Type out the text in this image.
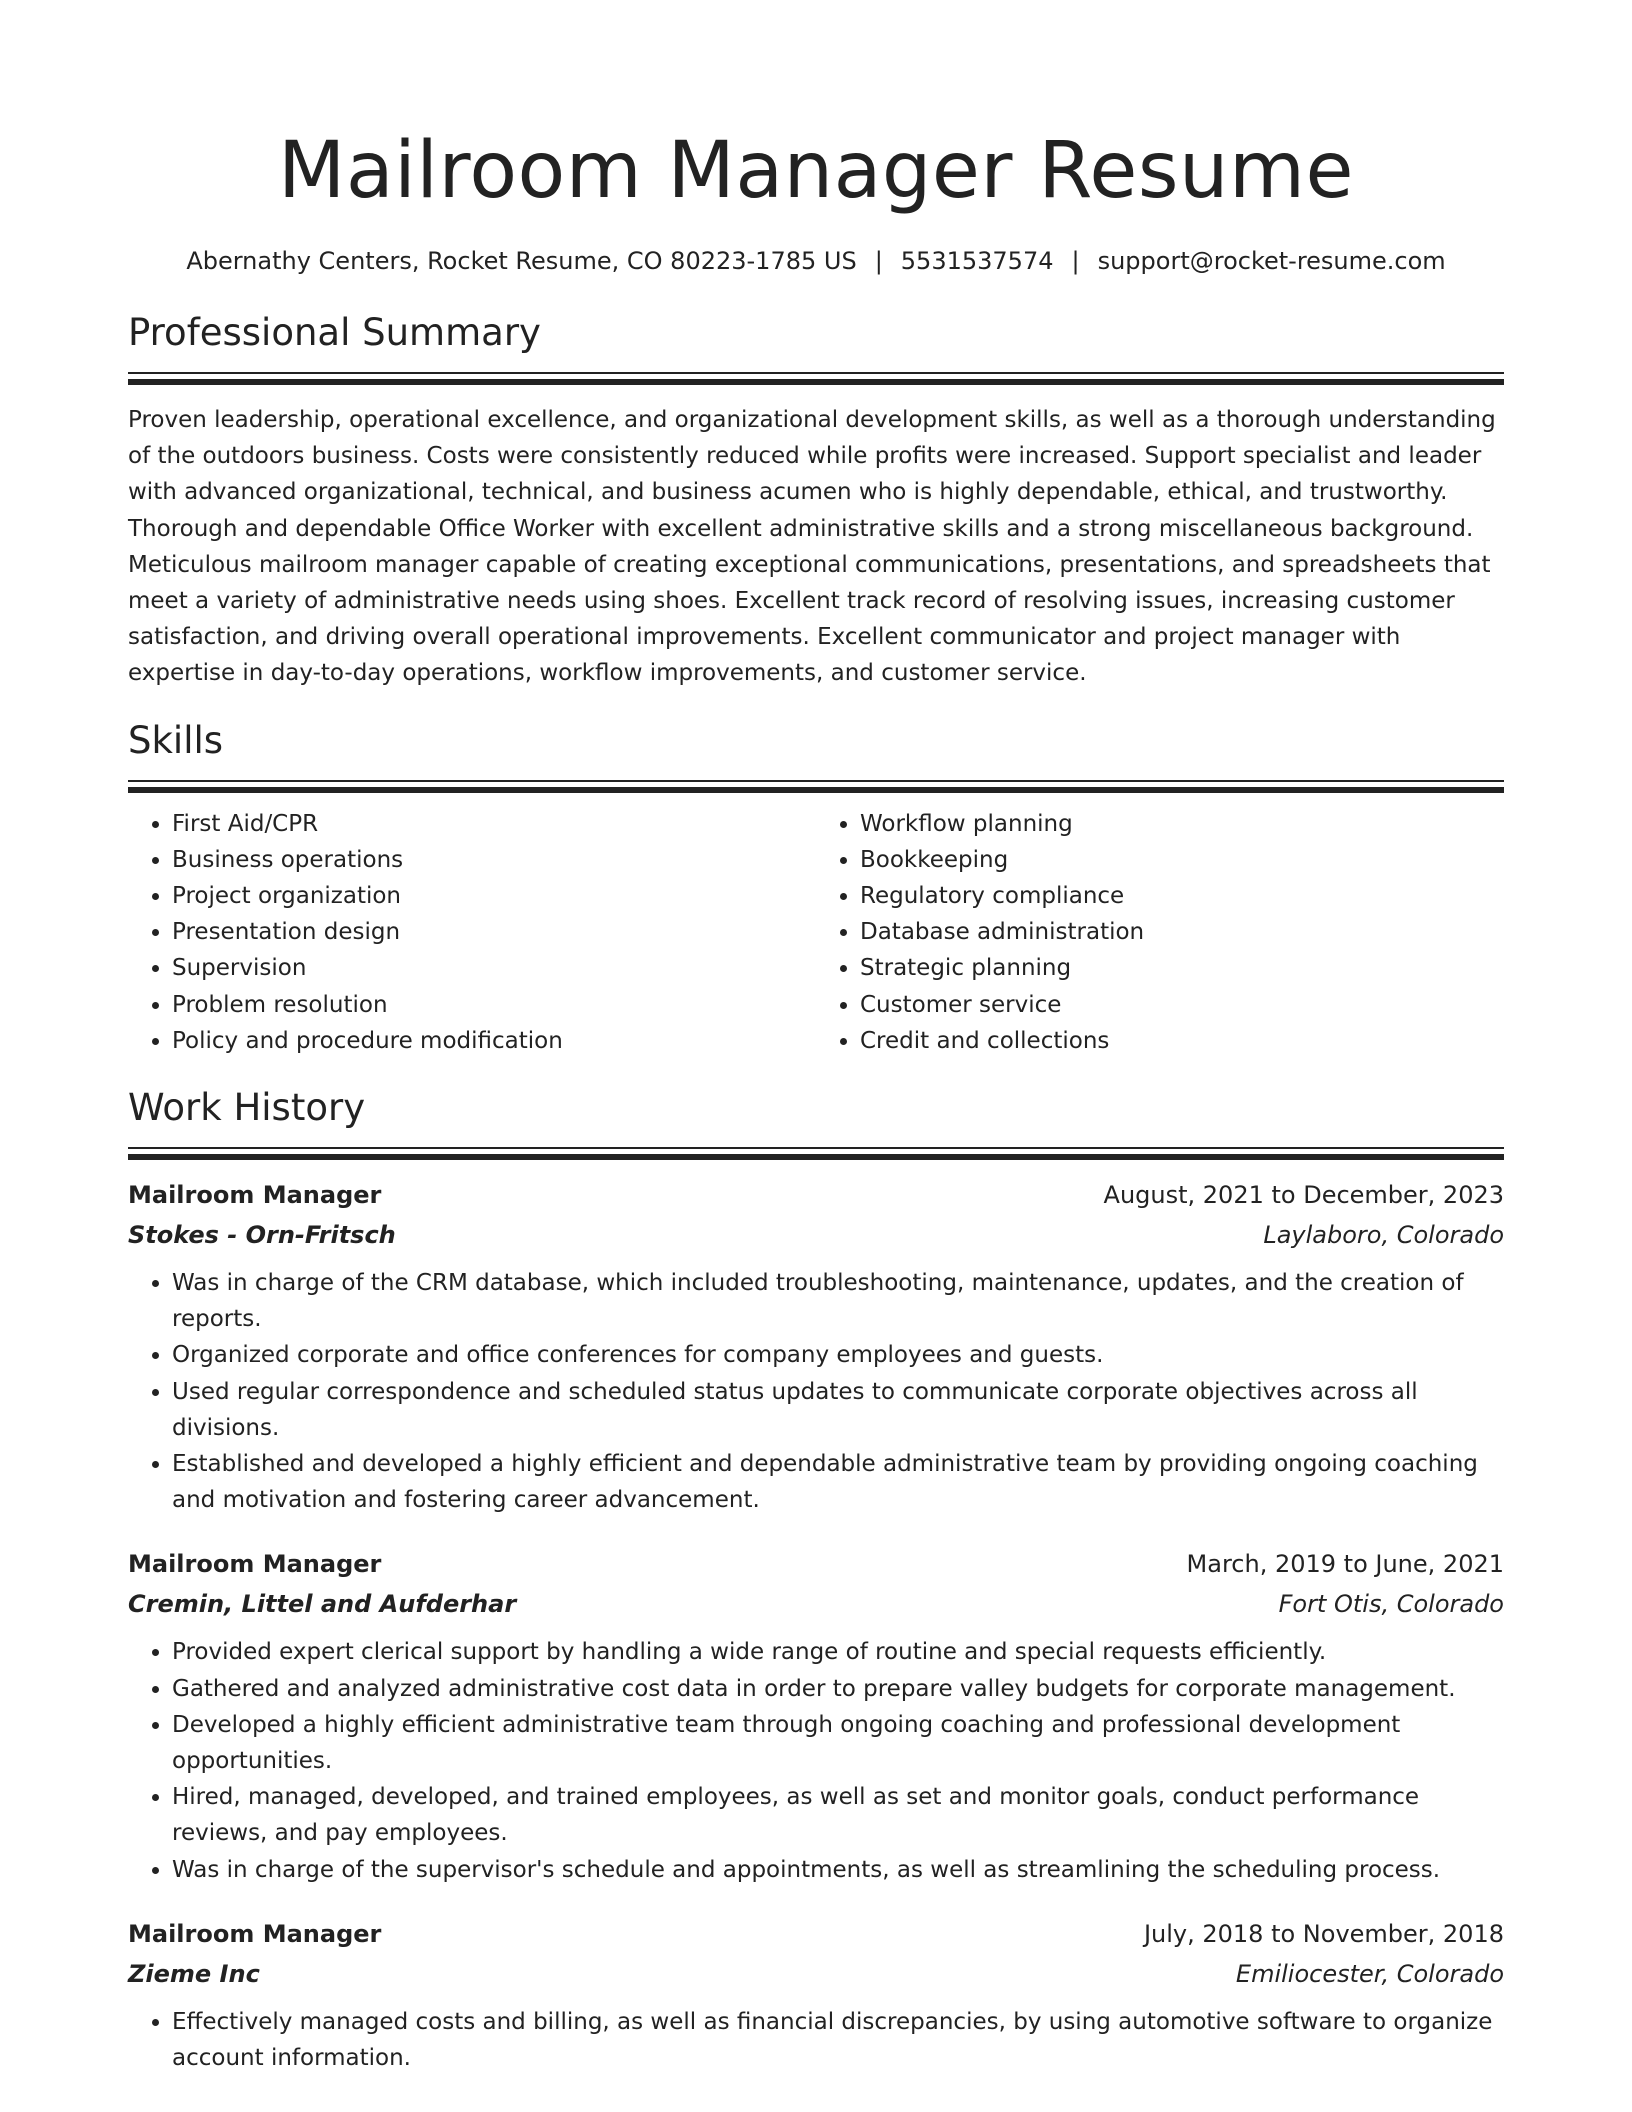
Mailroom Manager Resume
Abernathy Centers, Rocket Resume, CO 80223-1785 US | 5531537574 | support@rocket-resume.com
Professional Summary

Proven leadership, operational excellence, and organizational development skills, as well as a thorough understanding of the outdoors business. Costs were consistently reduced while profits were increased. Support specialist and leader with advanced organizational, technical, and business acumen who is highly dependable, ethical, and trustworthy. Thorough and dependable Office Worker with excellent administrative skills and a strong miscellaneous background. Meticulous mailroom manager capable of creating exceptional communications, presentations, and spreadsheets that meet a variety of administrative needs using shoes. Excellent track record of resolving issues, increasing customer satisfaction, and driving overall operational improvements. Excellent communicator and project manager with expertise in day-to-day operations, workflow improvements, and customer service.

Skills
• First Aid/CPR
• Business operations
• Project organization
• Presentation design
• Supervision
• Problem resolution
• Policy and procedure modification
• Workflow planning
• Bookkeeping
• Regulatory compliance
• Database administration
• Strategic planning
• Customer service
• Credit and collections
Work History
Mailroom Manager	August, 2021 to December, 2023
Stokes - Orn-Fritsch	Laylaboro, Colorado
• Was in charge of the CRM database, which included troubleshooting, maintenance, updates, and the creation of reports.
• Organized corporate and office conferences for company employees and guests.
• Used regular correspondence and scheduled status updates to communicate corporate objectives across all divisions.
• Established and developed a highly efficient and dependable administrative team by providing ongoing coaching and motivation and fostering career advancement.
Mailroom Manager	March, 2019 to June, 2021
Cremin, Littel and Aufderhar	Fort Otis, Colorado
• Provided expert clerical support by handling a wide range of routine and special requests efficiently.
• Gathered and analyzed administrative cost data in order to prepare valley budgets for corporate management.
• Developed a highly efficient administrative team through ongoing coaching and professional development opportunities.
• Hired, managed, developed, and trained employees, as well as set and monitor goals, conduct performance reviews, and pay employees.
• Was in charge of the supervisor's schedule and appointments, as well as streamlining the scheduling process.
Mailroom Manager	July, 2018 to November, 2018
Zieme Inc	Emiliocester, Colorado
• Effectively managed costs and billing, as well as financial discrepancies, by using automotive software to organize account information.
